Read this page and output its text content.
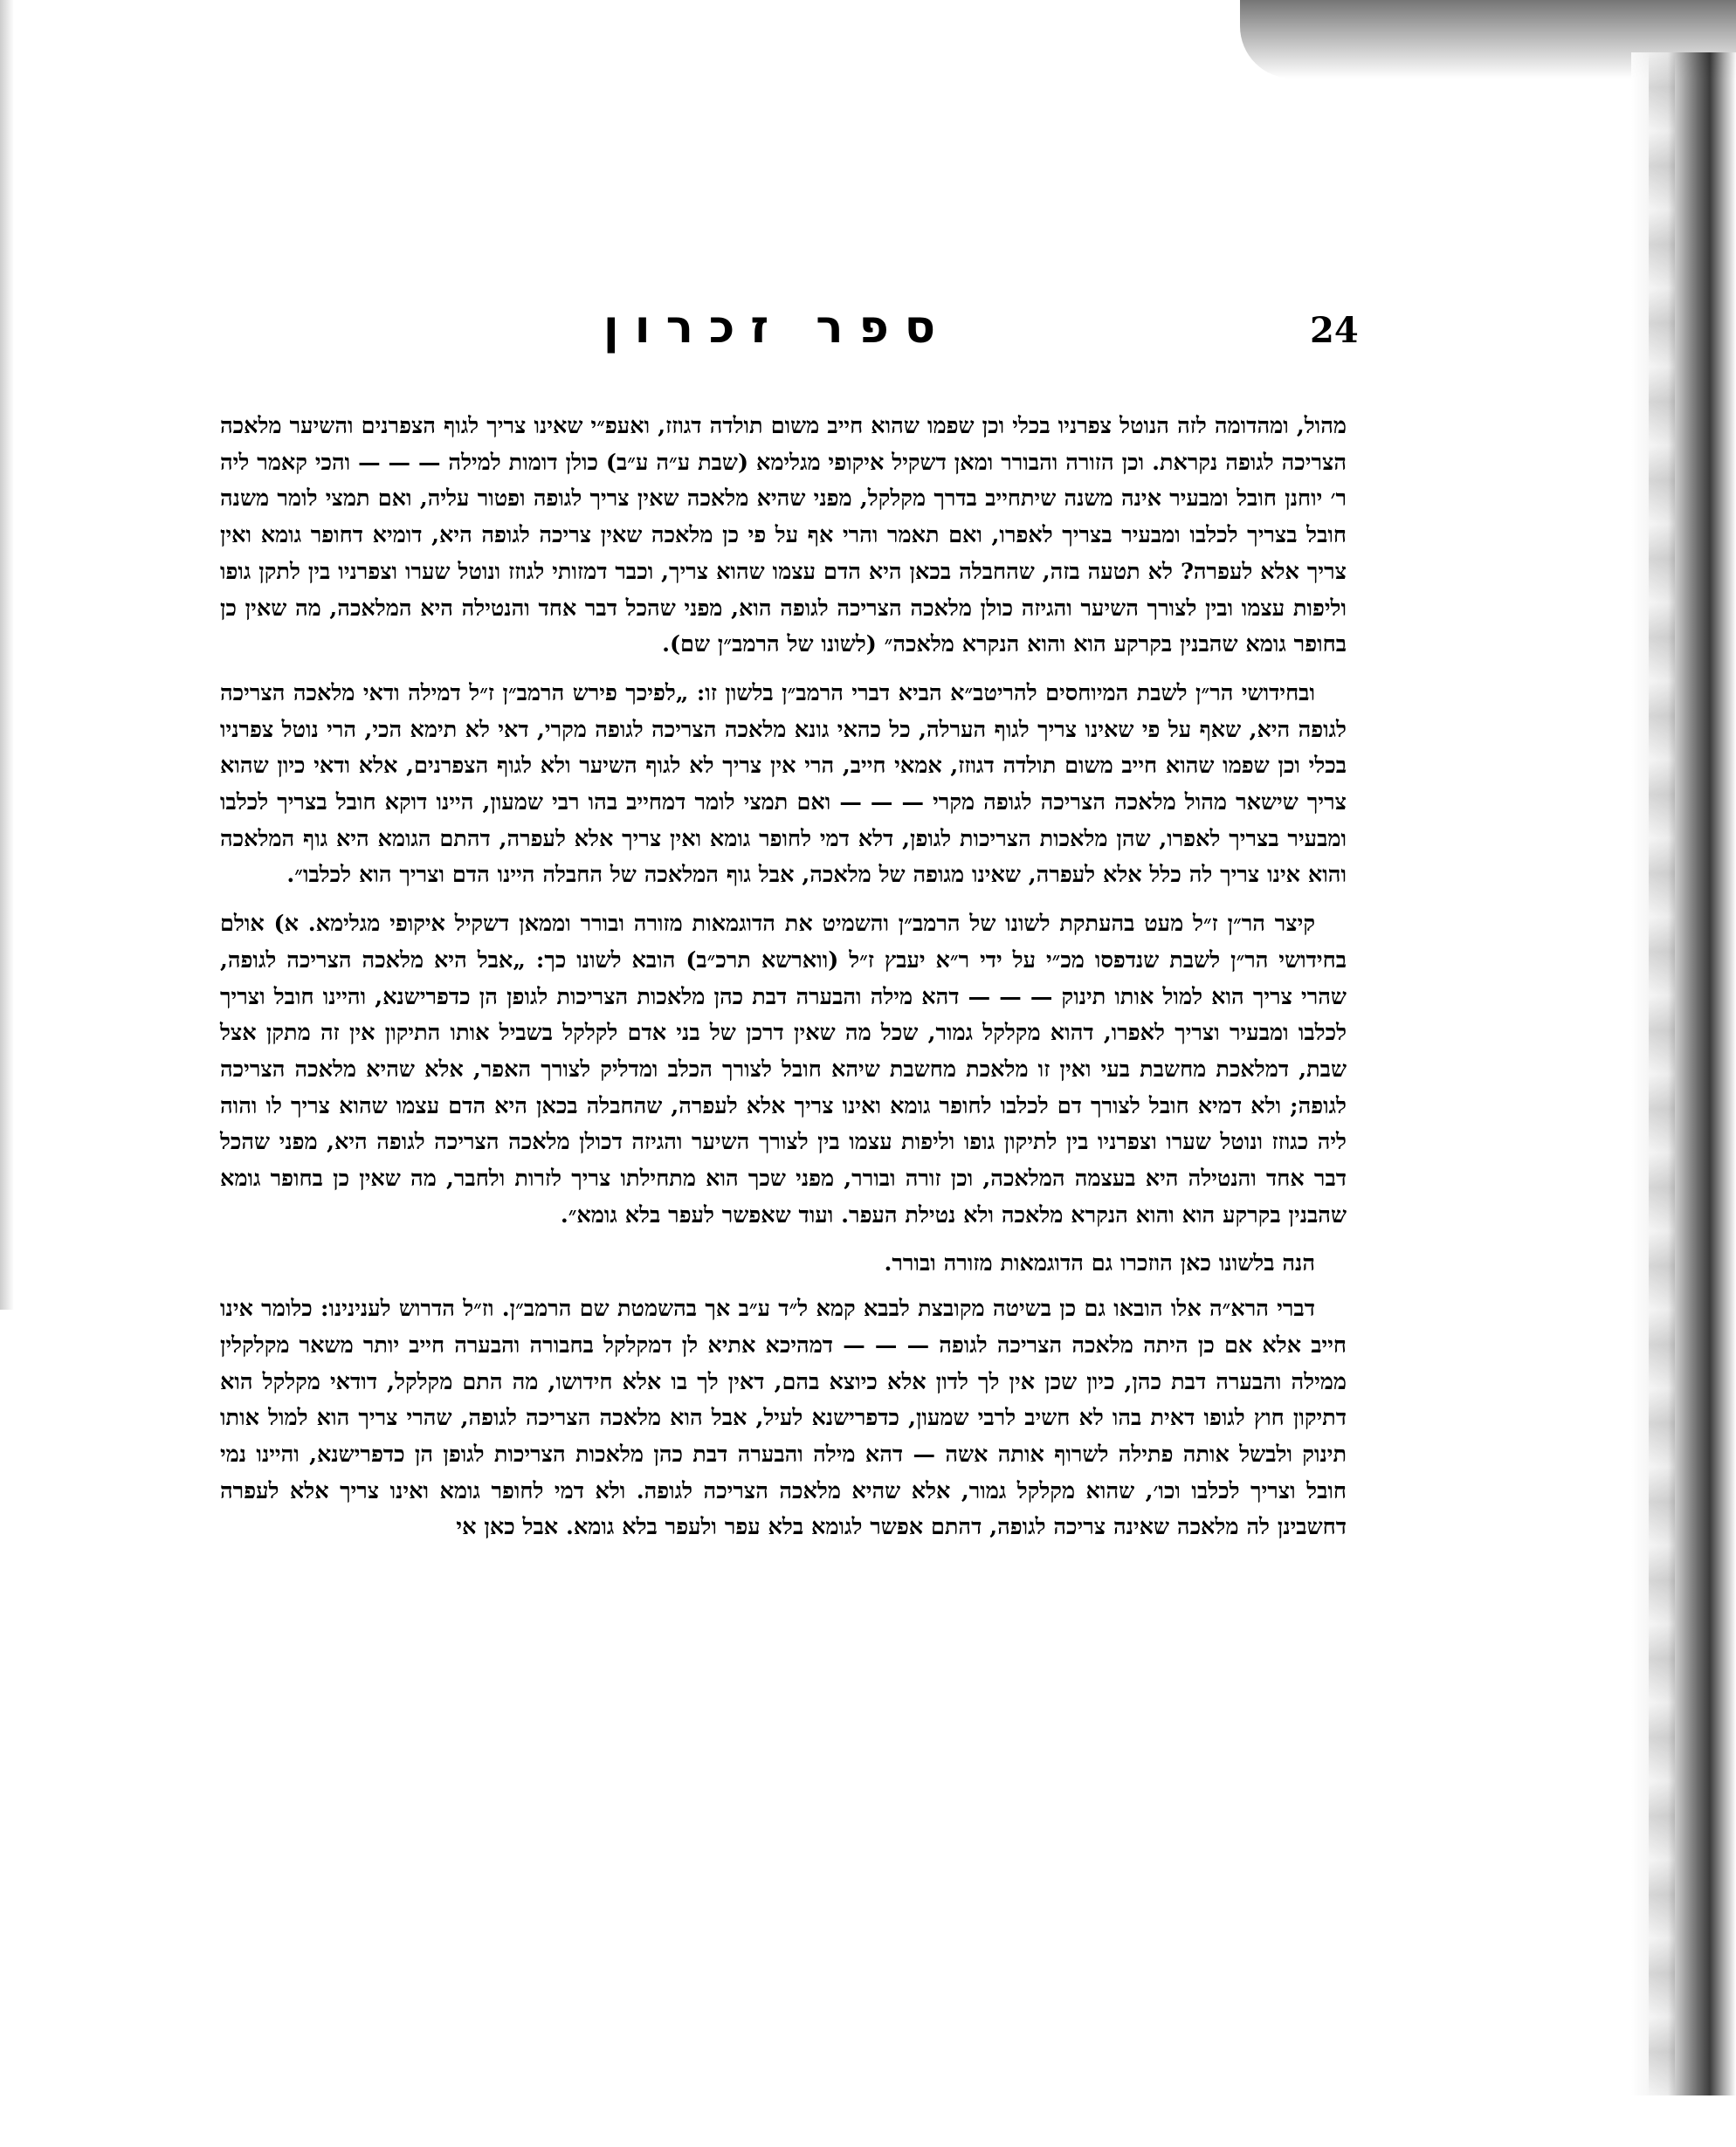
24
ספר זכרון

מהול, ומהדומה לזה הנוטל צפרניו בכלי וכן שפמו שהוא חייב משום תולדה דגוזז, ואעפ״י שאינו צריך לגוף הצפרנים והשיער מלאכה הצריכה לגופה נקראת. וכן הזורה והבורר ומאן דשקיל איקופי מגלימא (שבת ע״ה ע״ב) כולן דומות למילה — — — והכי קאמר ליה ר׳ יוחנן חובל ומבעיר אינה משנה שיתחייב בדרך מקלקל, מפני שהיא מלאכה שאין צריך לגופה ופטור עליה, ואם תמצי לומר משנה חובל בצריך לכלבו ומבעיר בצריך לאפרו, ואם תאמר והרי אף על פי כן מלאכה שאין צריכה לגופה היא, דומיא דחופר גומא ואין צריך אלא לעפרה? לא תטעה בזה, שהחבלה בכאן היא הדם עצמו שהוא צריך, וכבר דמזותי לגוזז ונוטל שערו וצפרניו בין לתקן גופו וליפות עצמו ובין לצורך השיער והגיזה כולן מלאכה הצריכה לגופה הוא, מפני שהכל דבר אחד והנטילה היא המלאכה, מה שאין כן בחופר גומא שהבנין בקרקע הוא והוא הנקרא מלאכה״ (לשונו של הרמב״ן שם).

ובחידושי הר״ן לשבת המיוחסים להריטב״א הביא דברי הרמב״ן בלשון זו: „לפיכך פירש הרמב״ן ז״ל דמילה ודאי מלאכה הצריכה לגופה היא, שאף על פי שאינו צריך לגוף הערלה, כל כהאי גונא מלאכה הצריכה לגופה מקרי, דאי לא תימא הכי, הרי נוטל צפרניו בכלי וכן שפמו שהוא חייב משום תולדה דגוזז, אמאי חייב, הרי אין צריך לא לגוף השיער ולא לגוף הצפרנים, אלא ודאי כיון שהוא צריך שישאר מהול מלאכה הצריכה לגופה מקרי — — — ואם תמצי לומר דמחייב בהו רבי שמעון, היינו דוקא חובל בצריך לכלבו ומבעיר בצריך לאפרו, שהן מלאכות הצריכות לגופן, דלא דמי לחופר גומא ואין צריך אלא לעפרה, דהתם הגומא היא גוף המלאכה והוא אינו צריך לה כלל אלא לעפרה, שאינו מגופה של מלאכה, אבל גוף המלאכה של החבלה היינו הדם וצריך הוא לכלבו״.

קיצר הר״ן ז״ל מעט בהעתקת לשונו של הרמב״ן והשמיט את הדוגמאות מזורה ובורר וממאן דשקיל איקופי מגלימא. א) אולם בחידושי הר״ן לשבת שנדפסו מכ״י על ידי ר״א יעבץ ז״ל (ווארשא תרכ״ב) הובא לשונו כך: „אבל היא מלאכה הצריכה לגופה, שהרי צריך הוא למול אותו תינוק — — — דהא מילה והבערה דבת כהן מלאכות הצריכות לגופן הן כדפרישנא, והיינו חובל וצריך לכלבו ומבעיר וצריך לאפרו, דהוא מקלקל גמור, שכל מה שאין דרכן של בני אדם לקלקל בשביל אותו התיקון אין זה מתקן אצל שבת, דמלאכת מחשבת בעי ואין זו מלאכת מחשבת שיהא חובל לצורך הכלב ומדליק לצורך האפר, אלא שהיא מלאכה הצריכה לגופה; ולא דמיא חובל לצורך דם לכלבו לחופר גומא ואינו צריך אלא לעפרה, שהחבלה בכאן היא הדם עצמו שהוא צריך לו והוה ליה כגוזז ונוטל שערו וצפרניו בין לתיקון גופו וליפות עצמו בין לצורך השיער והגיזה דכולן מלאכה הצריכה לגופה היא, מפני שהכל דבר אחד והנטילה היא בעצמה המלאכה, וכן זורה ובורר, מפני שכך הוא מתחילתו צריך לזרות ולחבר, מה שאין כן בחופר גומא שהבנין בקרקע הוא והוא הנקרא מלאכה ולא נטילת העפר. ועוד שאפשר לעפר בלא גומא״.

הנה בלשונו כאן הוזכרו גם הדוגמאות מזורה ובורר.

דברי הרא״ה אלו הובאו גם כן בשיטה מקובצת לבבא קמא ל״ד ע״ב אך בהשמטת שם הרמב״ן. וז״ל הדרוש לענינינו: כלומר אינו חייב אלא אם כן היתה מלאכה הצריכה לגופה — — — דמהיכא אתיא לן דמקלקל בחבורה והבערה חייב יותר משאר מקלקלין ממילה והבערה דבת כהן, כיון שכן אין לך לדון אלא כיוצא בהם, דאין לך בו אלא חידושו, מה התם מקלקל, דודאי מקלקל הוא דתיקון חוץ לגופו דאית בהו לא חשיב לרבי שמעון, כדפרישנא לעיל, אבל הוא מלאכה הצריכה לגופה, שהרי צריך הוא למול אותו תינוק ולבשל אותה פתילה לשרוף אותה אשה — דהא מילה והבערה דבת כהן מלאכות הצריכות לגופן הן כדפרישנא, והיינו נמי חובל וצריך לכלבו וכו׳, שהוא מקלקל גמור, אלא שהיא מלאכה הצריכה לגופה. ולא דמי לחופר גומא ואינו צריך אלא לעפרה דחשבינן לה מלאכה שאינה צריכה לגופה, דהתם אפשר לגומא בלא עפר ולעפר בלא גומא. אבל כאן אי
